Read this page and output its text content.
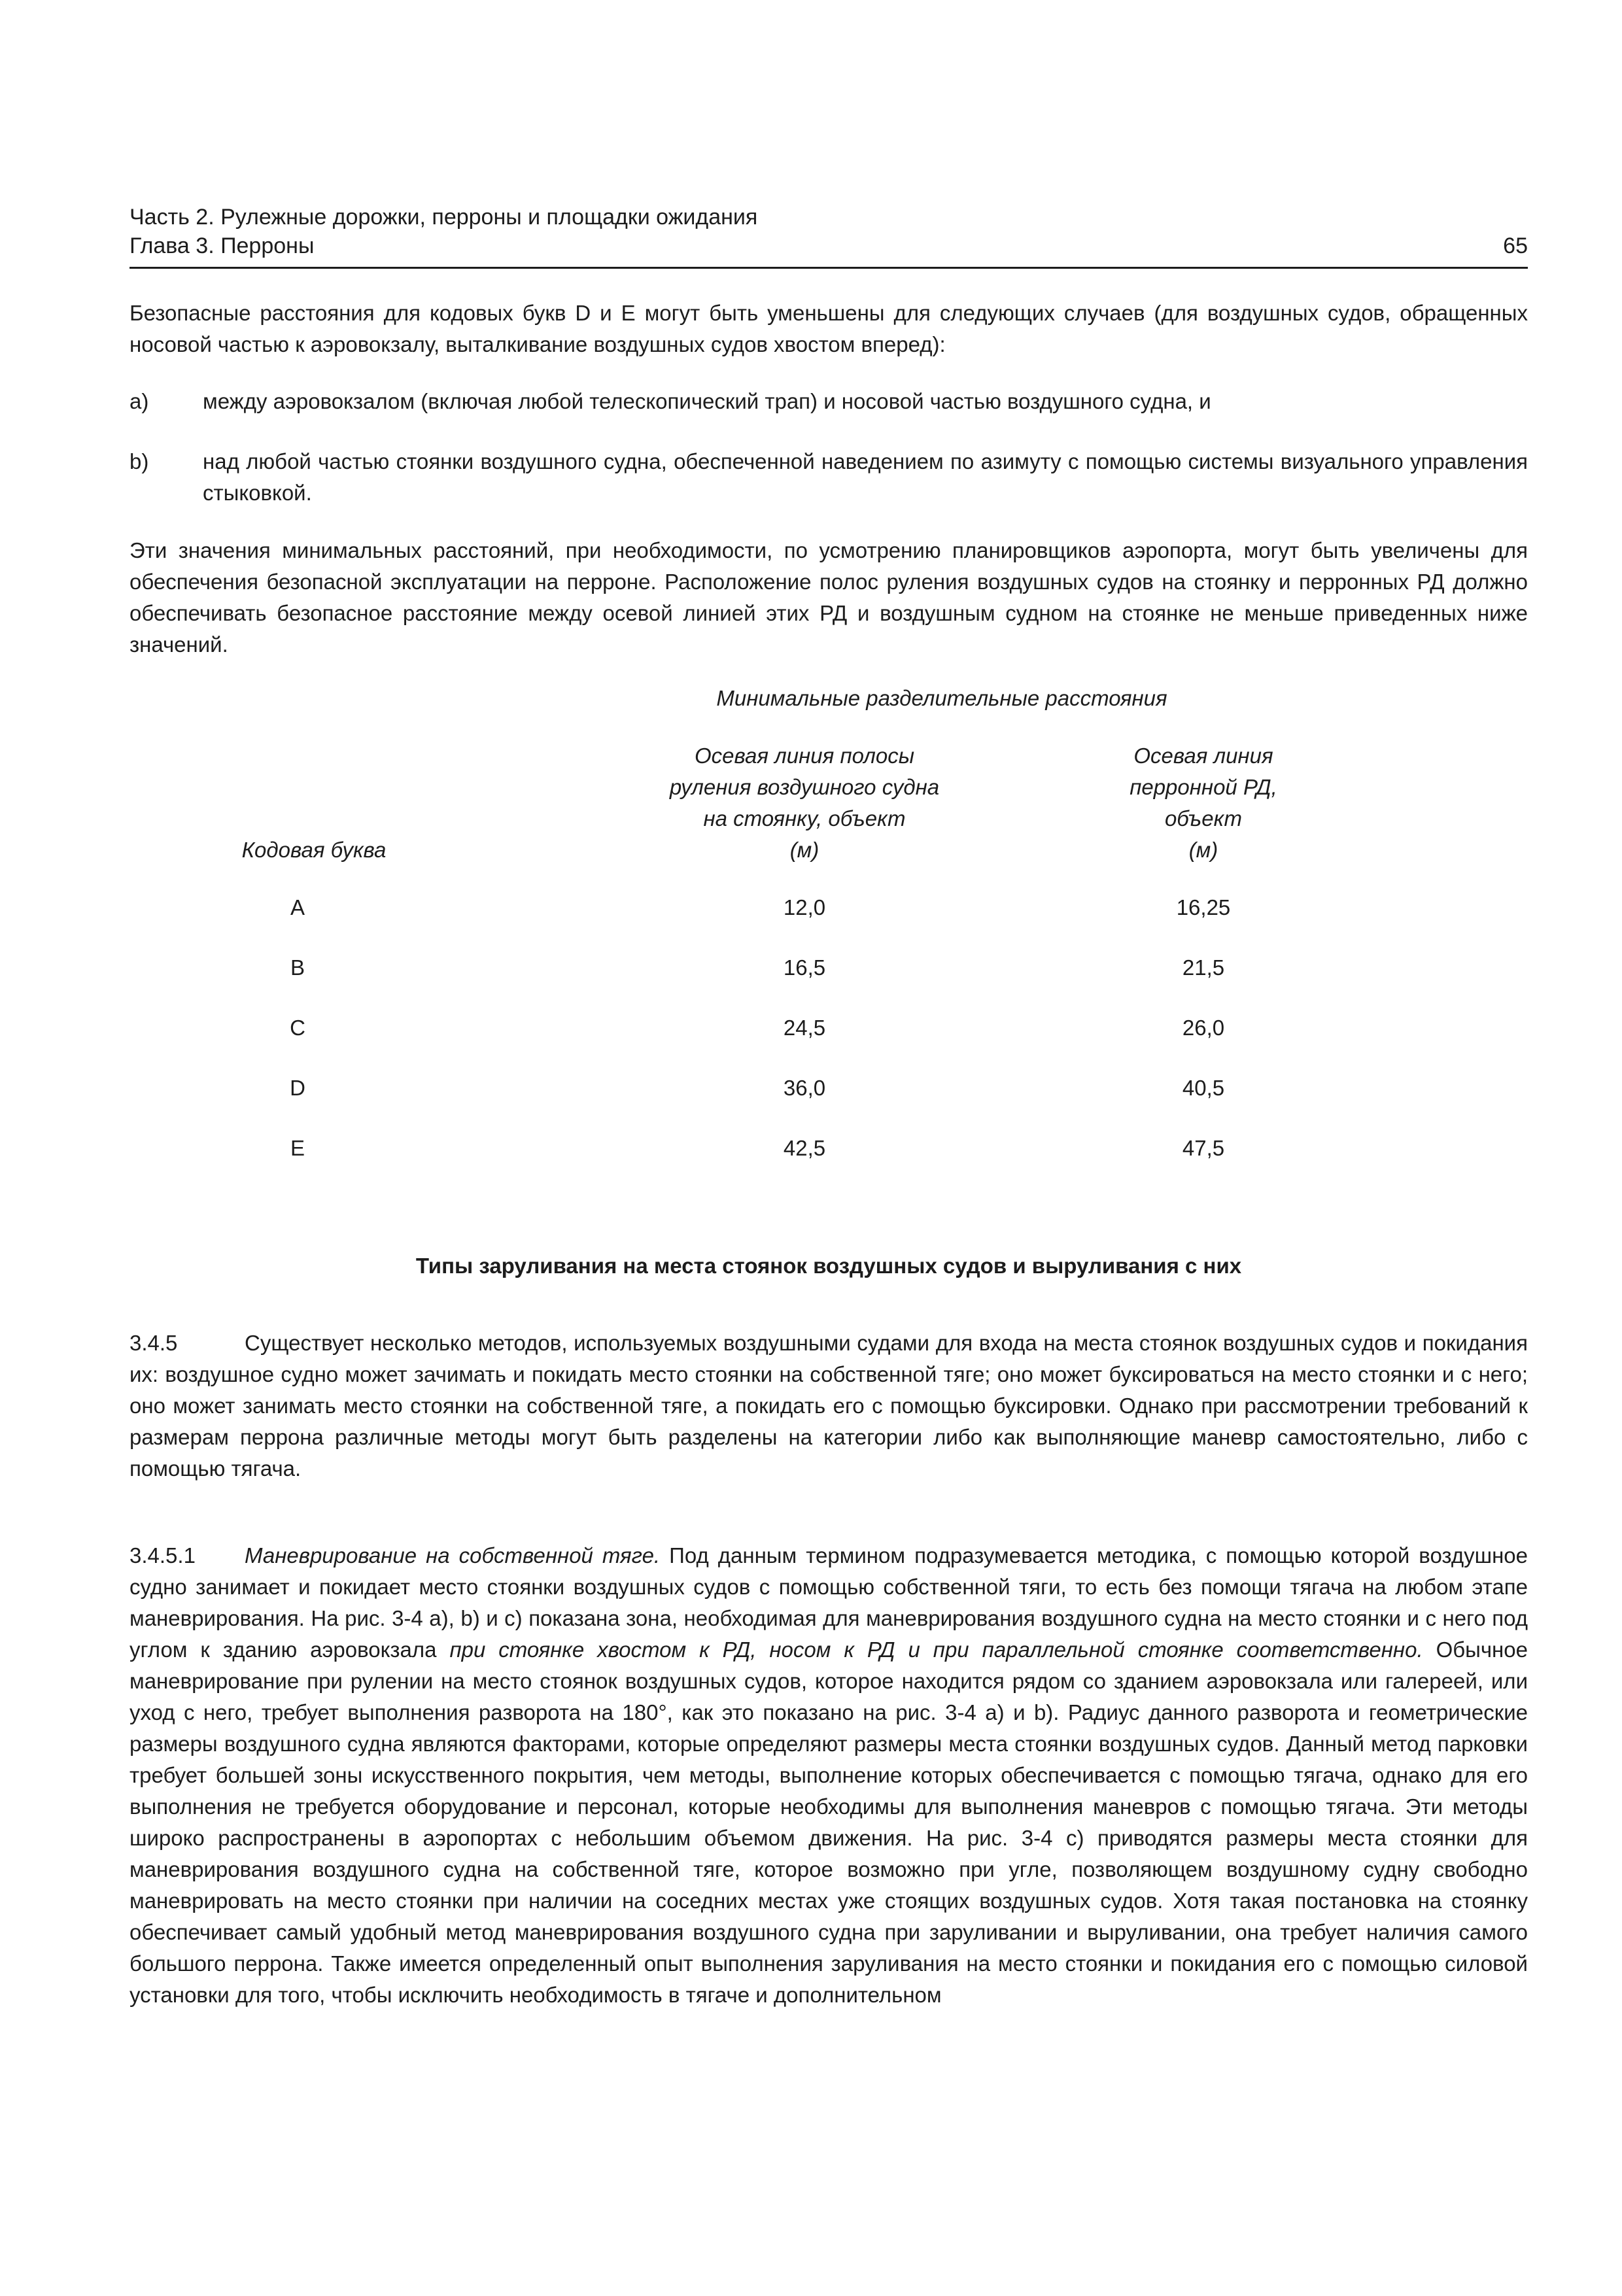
Часть 2. Рулежные дорожки, перроны и площадки ожидания
Глава 3. Перроны	65

Безопасные расстояния для кодовых букв D и E могут быть уменьшены для следующих случаев (для воздушных судов, обращенных носовой частью к аэровокзалу, выталкивание воздушных судов хвостом вперед):

a)	между аэровокзалом (включая любой телескопический трап) и носовой частью воздушного судна, и

b)	над любой частью стоянки воздушного судна, обеспеченной наведением по азимуту с помощью системы визуального управления стыковкой.

Эти значения минимальных расстояний, при необходимости, по усмотрению планировщиков аэропорта, могут быть увеличены для обеспечения безопасной эксплуатации на перроне. Расположение полос руления воздушных судов на стоянку и перронных РД должно обеспечивать безопасное расстояние между осевой линией этих РД и воздушным судном на стоянке не меньше приведенных ниже значений.

Минимальные разделительные расстояния
Кодовая буква
Осевая линия полосы
руления воздушного судна
на стоянку, объект
(м)
Осевая линия
перронной РД,
объект
(м)
A	12,0	16,25
B	16,5	21,5
C	24,5	26,0
D	36,0	40,5
E	42,5	47,5
Типы заруливания на места стоянок воздушных судов и выруливания с них

3.4.5	Существует несколько методов, используемых воздушными судами для входа на места стоянок воздушных судов и покидания их: воздушное судно может зачимать и покидать место стоянки на собственной тяге; оно может буксироваться на место стоянки и с него; оно может занимать место стоянки на собственной тяге, а покидать его с помощью буксировки. Однако при рассмотрении требований к размерам перрона различные методы могут быть разделены на категории либо как выполняющие маневр самостоятельно, либо с помощью тягача.

3.4.5.1 Маневрирование на собственной тяге. Под данным термином подразумевается методика, с помощью которой воздушное судно занимает и покидает место стоянки воздушных судов с помощью собственной тяги, то есть без помощи тягача на любом этапе маневрирования. На рис. 3-4 а), b) и с) показана зона, необходимая для маневрирования воздушного судна на место стоянки и с него под углом к зданию аэровокзала при стоянке хвостом к РД, носом к РД и при параллельной стоянке соответственно. Обычное маневрирование при рулении на место стоянок воздушных судов, которое находится рядом со зданием аэровокзала или галереей, или уход с него, требует выполнения разворота на 180°, как это показано на рис. 3-4 а) и b). Радиус данного разворота и геометрические размеры воздушного судна являются факторами, которые определяют размеры места стоянки воздушных судов. Данный метод парковки требует большей зоны искусственного покрытия, чем методы, выполнение которых обеспечивается с помощью тягача, однако для его выполнения не требуется оборудование и персонал, которые необходимы для выполнения маневров с помощью тягача. Эти методы широко распространены в аэропортах с небольшим объемом движения. На рис. 3-4 с) приводятся размеры места стоянки для маневрирования воздушного судна на собственной тяге, которое возможно при угле, позволяющем воздушному судну свободно маневрировать на место стоянки при наличии на соседних местах уже стоящих воздушных судов. Хотя такая постановка на стоянку обеспечивает самый удобный метод маневрирования воздушного судна при заруливании и выруливании, она требует наличия самого большого перрона. Также имеется определенный опыт выполнения заруливания на место стоянки и покидания его с помощью силовой установки для того, чтобы исключить необходимость в тягаче и дополнительном
